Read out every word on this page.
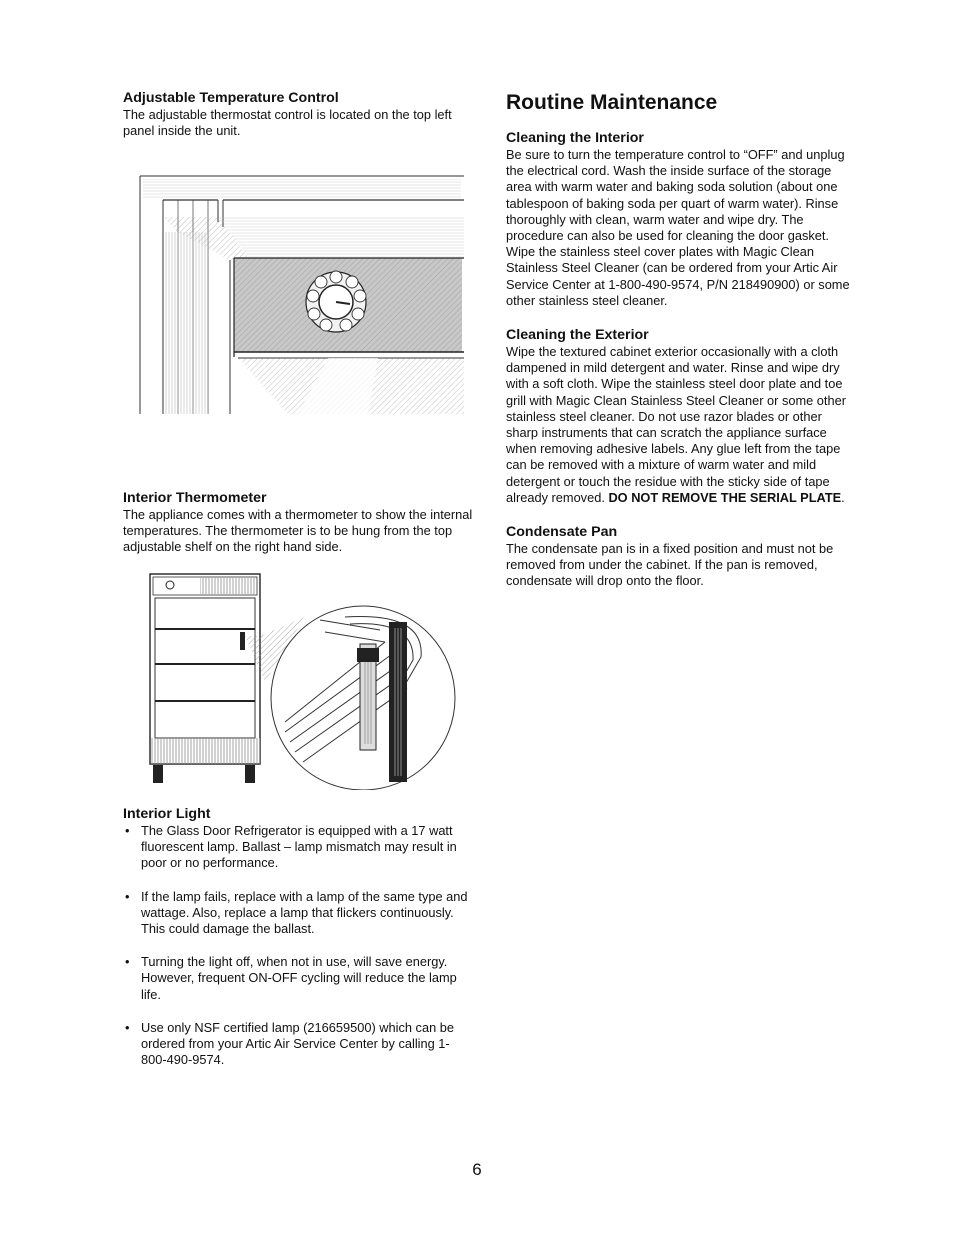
Adjustable Temperature Control

The adjustable thermostat control is located on the top left panel inside the unit.

Interior Thermometer

The appliance comes with a thermometer to show the internal temperatures. The thermometer is to be hung from the top adjustable shelf on the right hand side.

Interior Light
• The Glass Door Refrigerator is equipped with a 17 watt fluorescent lamp. Ballast – lamp mismatch may result in poor or no performance.
• If the lamp fails, replace with a lamp of the same type and wattage. Also, replace a lamp that flickers continuously. This could damage the ballast.
• Turning the light off, when not in use, will save energy. However, frequent ON-OFF cycling will reduce the lamp life.
• Use only NSF certified lamp (216659500) which can be ordered from your Artic Air Service Center by calling 1-800-490-9574.
Routine Maintenance
Cleaning the Interior

Be sure to turn the temperature control to “OFF” and unplug the electrical cord. Wash the inside surface of the storage area with warm water and baking soda solution (about one tablespoon of baking soda per quart of warm water). Rinse thoroughly with clean, warm water and wipe dry. The procedure can also be used for cleaning the door gasket. Wipe the stainless steel cover plates with Magic Clean Stainless Steel Cleaner (can be ordered from your Artic Air Service Center at 1-800-490-9574, P/N 218490900) or some other stainless steel cleaner.

Cleaning the Exterior

Wipe the textured cabinet exterior occasionally with a cloth dampened in mild detergent and water. Rinse and wipe dry with a soft cloth. Wipe the stainless steel door plate and toe grill with Magic Clean Stainless Steel Cleaner or some other stainless steel cleaner. Do not use razor blades or other sharp instruments that can scratch the appliance surface when removing adhesive labels. Any glue left from the tape can be removed with a mixture of warm water and mild detergent or touch the residue with the sticky side of tape already removed. DO NOT REMOVE THE SERIAL PLATE.

Condensate Pan

The condensate pan is in a fixed position and must not be removed from under the cabinet. If the pan is removed, condensate will drop onto the floor.

6
